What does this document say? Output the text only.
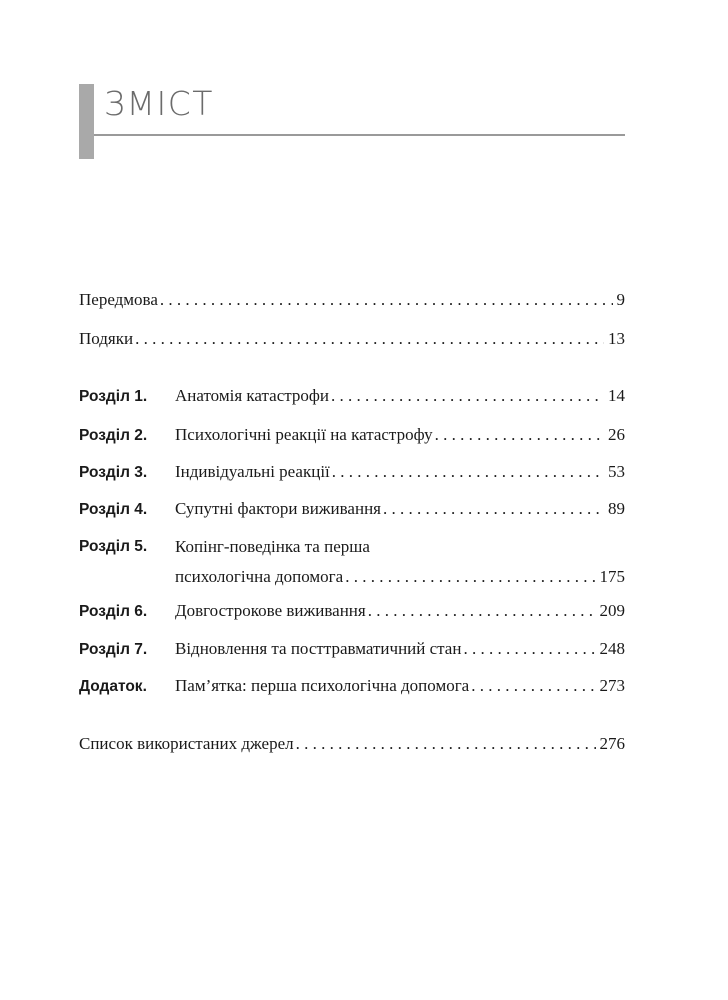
ЗМІСТ
Передмова . . .	9
Подяки . . .	13
Розділ 1.	Анатомія катастрофи . . .	14
Розділ 2.	Психологічні реакції на катастрофу . . .	26
Розділ 3.	Індивідуальні реакції . . .	53
Розділ 4.	Супутні фактори виживання . . .	89
Розділ 5. Копінг-поведінка та перша
психологічна допомога . . .	175
Розділ 6.	Довгострокове виживання . . .	209
Розділ 7.	Відновлення та посттравматичний стан . . .	248
Додаток.	Пам’ятка: перша психологічна допомога . . .	273
Список використаних джерел . . .	276
